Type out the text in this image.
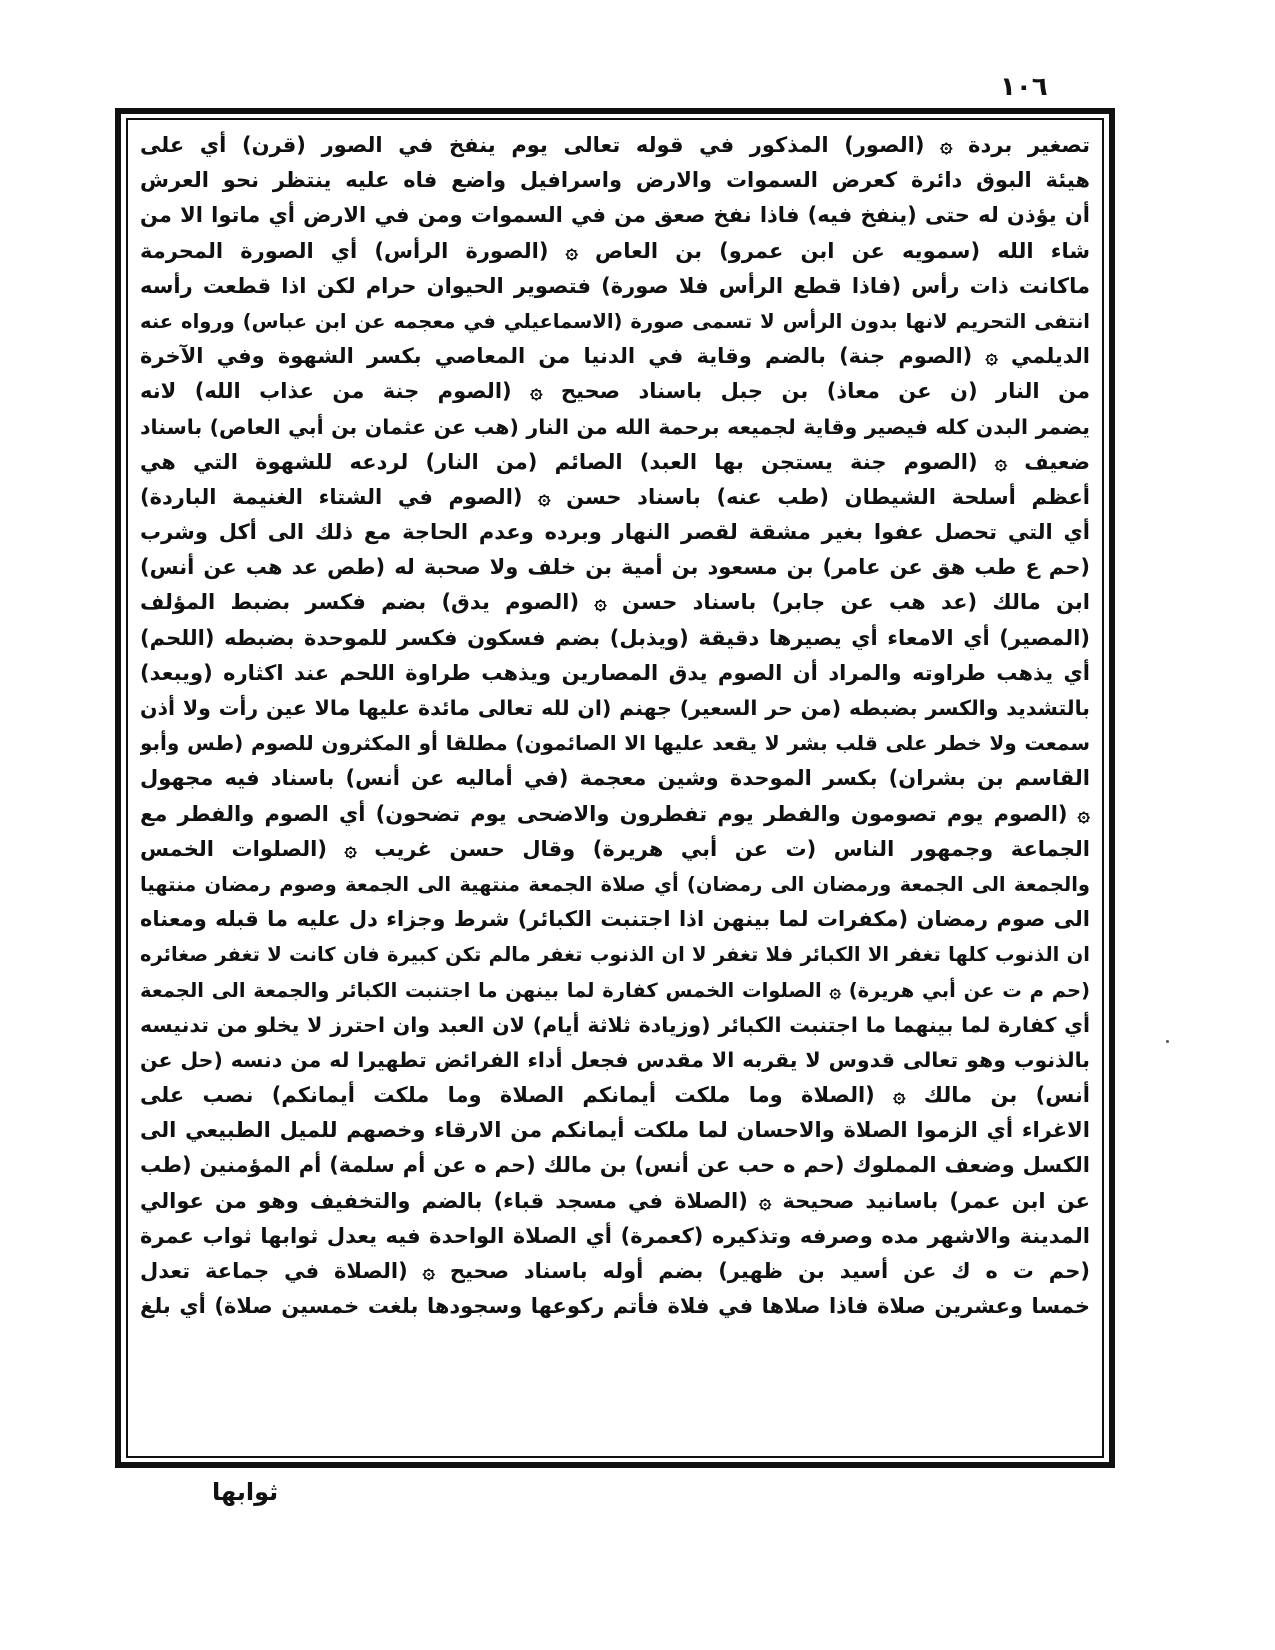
١٠٦
تصغير بردة ۞ (الصور) المذكور في قوله تعالى يوم ينفخ في الصور (قرن) أي على
هيئة البوق دائرة كعرض السموات والارض واسرافيل واضع فاه عليه ينتظر نحو العرش
أن يؤذن له حتى (ينفخ فيه) فاذا نفخ صعق من في السموات ومن في الارض أي ماتوا الا من
شاء الله (سمويه عن ابن عمرو) بن العاص ۞ (الصورة الرأس) أي الصورة المحرمة
ماكانت ذات رأس (فاذا قطع الرأس فلا صورة) فتصوير الحيوان حرام لكن اذا قطعت رأسه
انتفى التحريم لانها بدون الرأس لا تسمى صورة (الاسماعيلي في معجمه عن ابن عباس) ورواه عنه
الديلمي ۞ (الصوم جنة) بالضم وقاية في الدنيا من المعاصي بكسر الشهوة وفي الآخرة
من النار (ن عن معاذ) بن جبل باسناد صحيح ۞ (الصوم جنة من عذاب الله) لانه
يضمر البدن كله فيصير وقاية لجميعه برحمة الله من النار (هب عن عثمان بن أبي العاص) باسناد
ضعيف ۞ (الصوم جنة يستجن بها العبد) الصائم (من النار) لردعه للشهوة التي هي
أعظم أسلحة الشيطان (طب عنه) باسناد حسن ۞ (الصوم في الشتاء الغنيمة الباردة)
أي التي تحصل عفوا بغير مشقة لقصر النهار وبرده وعدم الحاجة مع ذلك الى أكل وشرب
(حم ع طب هق عن عامر) بن مسعود بن أمية بن خلف ولا صحبة له (طص عد هب عن أنس)
ابن مالك (عد هب عن جابر) باسناد حسن ۞ (الصوم يدق) بضم فكسر بضبط المؤلف
(المصير) أي الامعاء أي يصيرها دقيقة (ويذبل) بضم فسكون فكسر للموحدة بضبطه (اللحم)
أي يذهب طراوته والمراد أن الصوم يدق المصارين ويذهب طراوة اللحم عند اكثاره (ويبعد)
بالتشديد والكسر بضبطه (من حر السعير) جهنم (ان لله تعالى مائدة عليها مالا عين رأت ولا أذن
سمعت ولا خطر على قلب بشر لا يقعد عليها الا الصائمون) مطلقا أو المكثرون للصوم (طس وأبو
القاسم بن بشران) بكسر الموحدة وشين معجمة (في أماليه عن أنس) باسناد فيه مجهول
۞ (الصوم يوم تصومون والفطر يوم تفطرون والاضحى يوم تضحون) أي الصوم والفطر مع
الجماعة وجمهور الناس (ت عن أبي هريرة) وقال حسن غريب ۞ (الصلوات الخمس
والجمعة الى الجمعة ورمضان الى رمضان) أي صلاة الجمعة منتهية الى الجمعة وصوم رمضان منتهيا
الى صوم رمضان (مكفرات لما بينهن اذا اجتنبت الكبائر) شرط وجزاء دل عليه ما قبله ومعناه
ان الذنوب كلها تغفر الا الكبائر فلا تغفر لا ان الذنوب تغفر مالم تكن كبيرة فان كانت لا تغفر صغائره
(حم م ت عن أبي هريرة) ۞ الصلوات الخمس كفارة لما بينهن ما اجتنبت الكبائر والجمعة الى الجمعة
أي كفارة لما بينهما ما اجتنبت الكبائر (وزيادة ثلاثة أيام) لان العبد وان احترز لا يخلو من تدنيسه
بالذنوب وهو تعالى قدوس لا يقربه الا مقدس فجعل أداء الفرائض تطهيرا له من دنسه (حل عن
أنس) بن مالك ۞ (الصلاة وما ملكت أيمانكم الصلاة وما ملكت أيمانكم) نصب على
الاغراء أي الزموا الصلاة والاحسان لما ملكت أيمانكم من الارقاء وخصهم للميل الطبيعي الى
الكسل وضعف المملوك (حم ه حب عن أنس) بن مالك (حم ه عن أم سلمة) أم المؤمنين (طب
عن ابن عمر) باسانيد صحيحة ۞ (الصلاة في مسجد قباء) بالضم والتخفيف وهو من عوالي
المدينة والاشهر مده وصرفه وتذكيره (كعمرة) أي الصلاة الواحدة فيه يعدل ثوابها ثواب عمرة
(حم ت ه ك عن أسيد بن ظهير) بضم أوله باسناد صحيح ۞ (الصلاة في جماعة تعدل
خمسا وعشرين صلاة فاذا صلاها في فلاة فأتم ركوعها وسجودها بلغت خمسين صلاة) أي بلغ
ثوابها
